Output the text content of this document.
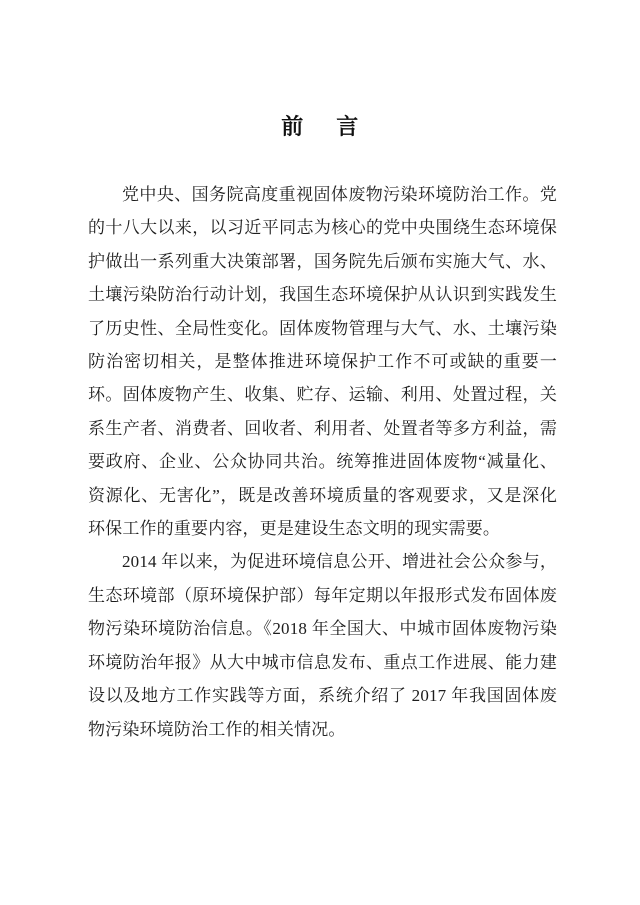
前　言

党中央、国务院高度重视固体废物污染环境防治工作。党的十八大以来，以习近平同志为核心的党中央围绕生态环境保护做出一系列重大决策部署，国务院先后颁布实施大气、水、土壤污染防治行动计划，我国生态环境保护从认识到实践发生了历史性、全局性变化。固体废物管理与大气、水、土壤污染防治密切相关，是整体推进环境保护工作不可或缺的重要一环。固体废物产生、收集、贮存、运输、利用、处置过程，关系生产者、消费者、回收者、利用者、处置者等多方利益，需要政府、企业、公众协同共治。统筹推进固体废物“减量化、资源化、无害化”，既是改善环境质量的客观要求，又是深化环保工作的重要内容，更是建设生态文明的现实需要。

2014 年以来，为促进环境信息公开、增进社会公众参与，生态环境部（原环境保护部）每年定期以年报形式发布固体废物污染环境防治信息。《2018 年全国大、中城市固体废物污染环境防治年报》从大中城市信息发布、重点工作进展、能力建设以及地方工作实践等方面，系统介绍了 2017 年我国固体废物污染环境防治工作的相关情况。
